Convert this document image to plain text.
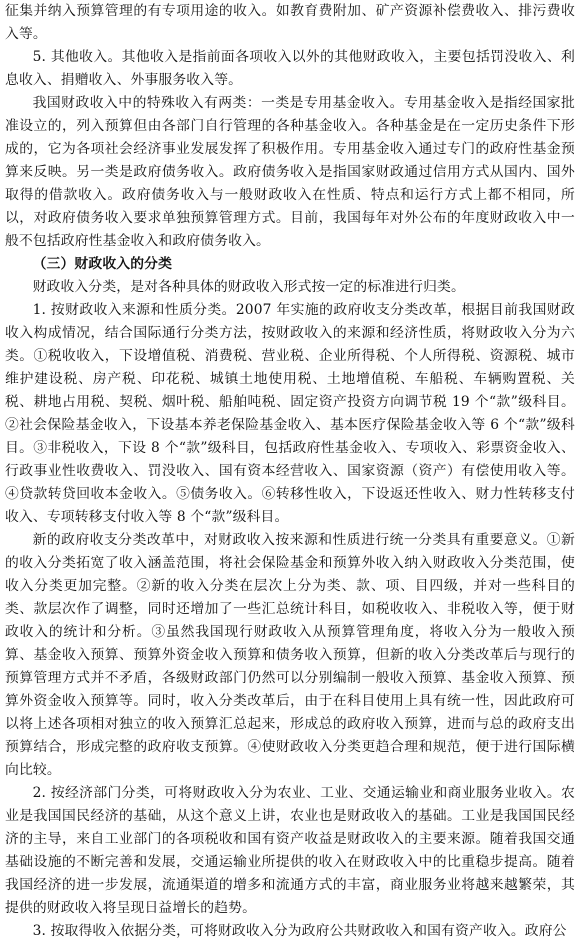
征集并纳入预算管理的有专项用途的收入。如教育费附加、矿产资源补偿费收入、排污费收入等。

5. 其他收入。其他收入是指前面各项收入以外的其他财政收入，主要包括罚没收入、利息收入、捐赠收入、外事服务收入等。

我国财政收入中的特殊收入有两类：一类是专用基金收入。专用基金收入是指经国家批准设立的，列入预算但由各部门自行管理的各种基金收入。各种基金是在一定历史条件下形成的，它为各项社会经济事业发展发挥了积极作用。专用基金收入通过专门的政府性基金预算来反映。另一类是政府债务收入。政府债务收入是指国家财政通过信用方式从国内、国外取得的借款收入。政府债务收入与一般财政收入在性质、特点和运行方式上都不相同，所以，对政府债务收入要求单独预算管理方式。目前，我国每年对外公布的年度财政收入中一般不包括政府性基金收入和政府债务收入。

（三）财政收入的分类

财政收入分类，是对各种具体的财政收入形式按一定的标准进行归类。

1. 按财政收入来源和性质分类。2007 年实施的政府收支分类改革，根据目前我国财政收入构成情况，结合国际通行分类方法，按财政收入的来源和经济性质，将财政收入分为六类。①税收收入，下设增值税、消费税、营业税、企业所得税、个人所得税、资源税、城市维护建设税、房产税、印花税、城镇土地使用税、土地增值税、车船税、车辆购置税、关税、耕地占用税、契税、烟叶税、船舶吨税、固定资产投资方向调节税 19 个“款”级科目。②社会保险基金收入，下设基本养老保险基金收入、基本医疗保险基金收入等 6 个“款”级科目。③非税收入，下设 8 个“款”级科目，包括政府性基金收入、专项收入、彩票资金收入、行政事业性收费收入、罚没收入、国有资本经营收入、国家资源（资产）有偿使用收入等。④贷款转贷回收本金收入。⑤债务收入。⑥转移性收入，下设返还性收入、财力性转移支付收入、专项转移支付收入等 8 个“款”级科目。

新的政府收支分类改革中，对财政收入按来源和性质进行统一分类具有重要意义。①新的收入分类拓宽了收入涵盖范围，将社会保险基金和预算外收入纳入财政收入分类范围，使收入分类更加完整。②新的收入分类在层次上分为类、款、项、目四级，并对一些科目的类、款层次作了调整，同时还增加了一些汇总统计科目，如税收收入、非税收入等，便于财政收入的统计和分析。③虽然我国现行财政收入从预算管理角度，将收入分为一般收入预算、基金收入预算、预算外资金收入预算和债务收入预算，但新的收入分类改革后与现行的预算管理方式并不矛盾，各级财政部门仍然可以分别编制一般收入预算、基金收入预算、预算外资金收入预算等。同时，收入分类改革后，由于在科目使用上具有统一性，因此政府可以将上述各项相对独立的收入预算汇总起来，形成总的政府收入预算，进而与总的政府支出预算结合，形成完整的政府收支预算。④使财政收入分类更趋合理和规范，便于进行国际横向比较。

2. 按经济部门分类，可将财政收入分为农业、工业、交通运输业和商业服务业收入。农业是我国国民经济的基础，从这个意义上讲，农业也是财政收入的基础。工业是我国国民经济的主导，来自工业部门的各项税收和国有资产收益是财政收入的主要来源。随着我国交通基础设施的不断完善和发展，交通运输业所提供的收入在财政收入中的比重稳步提高。随着我国经济的进一步发展，流通渠道的增多和流通方式的丰富，商业服务业将越来越繁荣，其提供的财政收入将呈现日益增长的趋势。

3. 按取得收入依据分类，可将财政收入分为政府公共财政收入和国有资产收入。政府公
